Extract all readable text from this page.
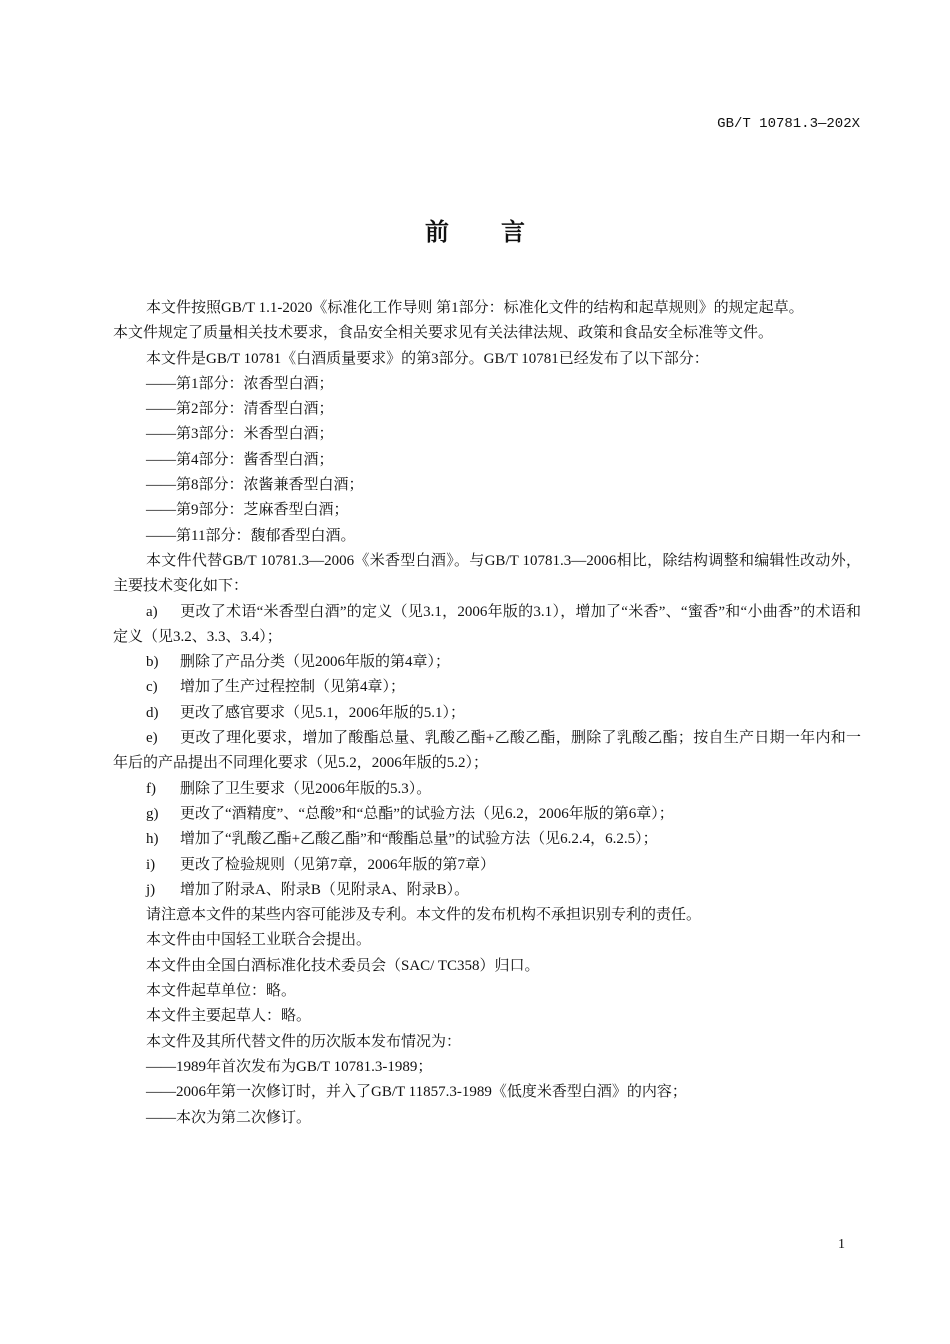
GB/T 10781.3—202X
前言

本文件按照GB/T 1.1-2020《标准化工作导则 第1部分：标准化文件的结构和起草规则》的规定起草。

本文件规定了质量相关技术要求，食品安全相关要求见有关法律法规、政策和食品安全标准等文件。

本文件是GB/T 10781《白酒质量要求》的第3部分。GB/T 10781已经发布了以下部分：

——第1部分：浓香型白酒；

——第2部分：清香型白酒；

——第3部分：米香型白酒；

——第4部分：酱香型白酒；

——第8部分：浓酱兼香型白酒；

——第9部分：芝麻香型白酒；

——第11部分：馥郁香型白酒。

本文件代替GB/T 10781.3—2006《米香型白酒》。与GB/T 10781.3—2006相比，除结构调整和编辑性改动外，主要技术变化如下：

a) 更改了术语“米香型白酒”的定义（见3.1，2006年版的3.1），增加了“米香”、“蜜香”和“小曲香”的术语和定义（见3.2、3.3、3.4）；

b) 删除了产品分类（见2006年版的第4章）；

c) 增加了生产过程控制（见第4章）；

d) 更改了感官要求（见5.1，2006年版的5.1）；

e) 更改了理化要求，增加了酸酯总量、乳酸乙酯+乙酸乙酯，删除了乳酸乙酯；按自生产日期一年内和一年后的产品提出不同理化要求（见5.2，2006年版的5.2）；

f) 删除了卫生要求（见2006年版的5.3）。

g) 更改了“酒精度”、“总酸”和“总酯”的试验方法（见6.2，2006年版的第6章）；

h) 增加了“乳酸乙酯+乙酸乙酯”和“酸酯总量”的试验方法（见6.2.4，6.2.5）；

i) 更改了检验规则（见第7章，2006年版的第7章）

j) 增加了附录A、附录B（见附录A、附录B）。

请注意本文件的某些内容可能涉及专利。本文件的发布机构不承担识别专利的责任。

本文件由中国轻工业联合会提出。

本文件由全国白酒标准化技术委员会（SAC/ TC358）归口。

本文件起草单位：略。

本文件主要起草人：略。

本文件及其所代替文件的历次版本发布情况为：

——1989年首次发布为GB/T 10781.3-1989；

——2006年第一次修订时，并入了GB/T 11857.3-1989《低度米香型白酒》的内容；

——本次为第二次修订。

1
